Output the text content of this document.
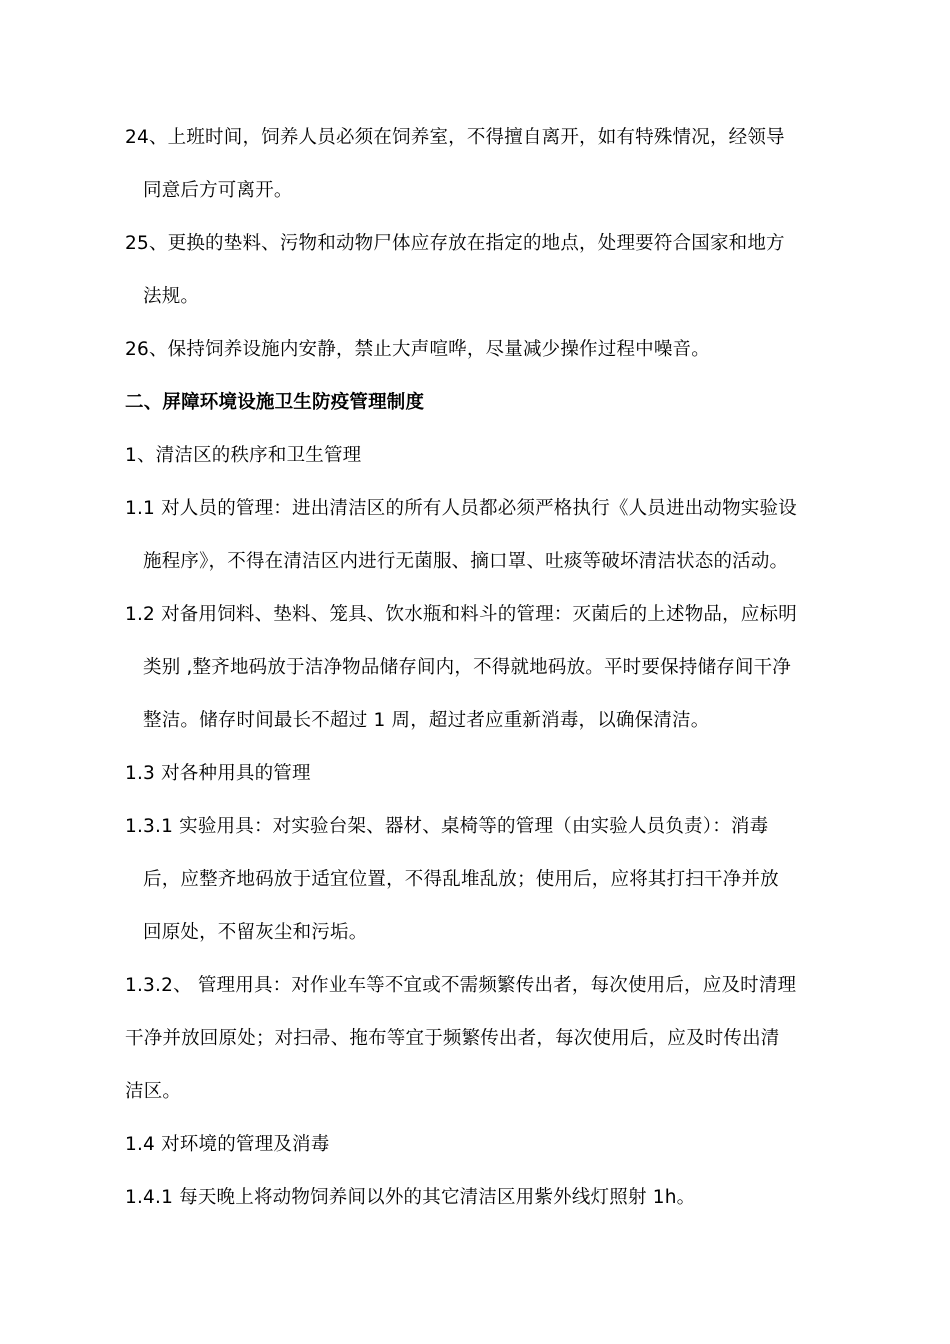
24、上班时间，饲养人员必须在饲养室，不得擅自离开，如有特殊情况，经领导
同意后方可离开。
25、更换的垫料、污物和动物尸体应存放在指定的地点，处理要符合国家和地方
法规。
26、保持饲养设施内安静，禁止大声喧哗，尽量减少操作过程中噪音。
二、屏障环境设施卫生防疫管理制度
1、清洁区的秩序和卫生管理
1.1 对人员的管理：进出清洁区的所有人员都必须严格执行《人员进出动物实验设
施程序》，不得在清洁区内进行无菌服、摘口罩、吐痰等破坏清洁状态的活动。
1.2 对备用饲料、垫料、笼具、饮水瓶和料斗的管理：灭菌后的上述物品，应标明
类别 ,整齐地码放于洁净物品储存间内，不得就地码放。平时要保持储存间干净
整洁。储存时间最长不超过 1 周，超过者应重新消毒，以确保清洁。
1.3 对各种用具的管理
1.3.1 实验用具：对实验台架、器材、桌椅等的管理（由实验人员负责）：消毒
后，应整齐地码放于适宜位置，不得乱堆乱放；使用后，应将其打扫干净并放
回原处，不留灰尘和污垢。
1.3.2、 管理用具：对作业车等不宜或不需频繁传出者，每次使用后，应及时清理
干净并放回原处；对扫帚、拖布等宜于频繁传出者，每次使用后，应及时传出清
洁区。
1.4 对环境的管理及消毒
1.4.1 每天晚上将动物饲养间以外的其它清洁区用紫外线灯照射 1h。
